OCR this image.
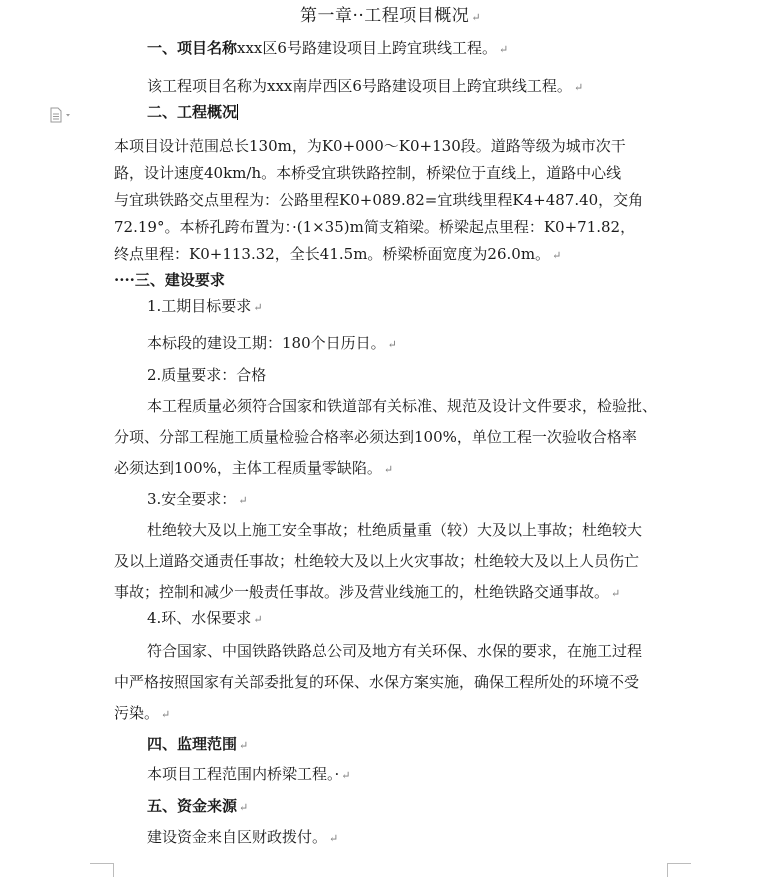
第一章··工程项目概况 ↵
一、项目名称xxx区6号路建设项目上跨宜珙线工程。 ↵
该工程项目名称为xxx南岸西区6号路建设项目上跨宜珙线工程。 ↵
二、工程概况
本项目设计范围总长130m，为K0+000～K0+130段。道路等级为城市次干
路，设计速度40km/h。本桥受宜珙铁路控制，桥梁位于直线上，道路中心线
与宜珙铁路交点里程为：公路里程K0+089.82=宜珙线里程K4+487.40，交角
72.19°。本桥孔跨布置为：·(1×35)m简支箱梁。桥梁起点里程：K0+71.82，
终点里程：K0+113.32，全长41.5m。桥梁桥面宽度为26.0m。 ↵
····三、建设要求
1.工期目标要求 ↵
本标段的建设工期：180个日历日。 ↵
2.质量要求：合格
本工程质量必须符合国家和铁道部有关标准、规范及设计文件要求，检验批、
分项、分部工程施工质量检验合格率必须达到100%，单位工程一次验收合格率
必须达到100%，主体工程质量零缺陷。 ↵
3.安全要求： ↵
杜绝较大及以上施工安全事故；杜绝质量重（较）大及以上事故；杜绝较大
及以上道路交通责任事故；杜绝较大及以上火灾事故；杜绝较大及以上人员伤亡
事故；控制和减少一般责任事故。涉及营业线施工的，杜绝铁路交通事故。 ↵
4.环、水保要求 ↵
符合国家、中国铁路铁路总公司及地方有关环保、水保的要求，在施工过程
中严格按照国家有关部委批复的环保、水保方案实施，确保工程所处的环境不受
污染。 ↵
四、监理范围 ↵
本项目工程范围内桥梁工程。· ↵
五、资金来源 ↵
建设资金来自区财政拨付。 ↵
